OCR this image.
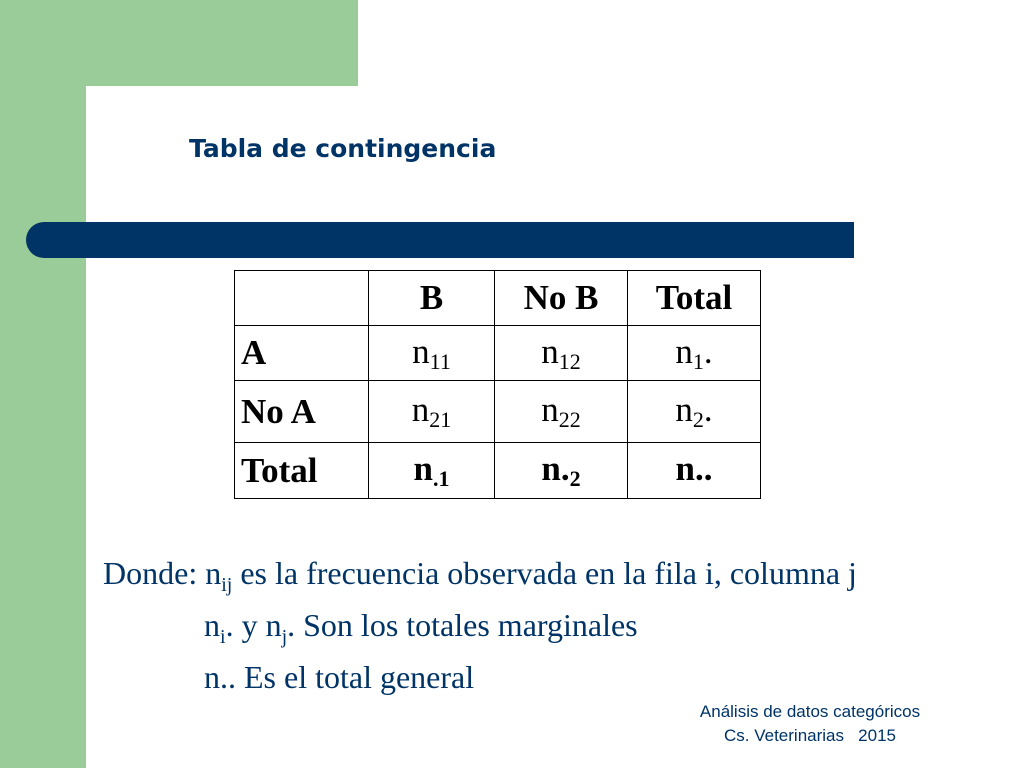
Tabla de contingencia
	B	No B	Total
A	$n_{11}$	$n_{12}$	$n_1$.
No A	$n_{21}$	$n_{22}$	$n_2$.
Total	$n_{.1}$	$n._2$	n..
Donde: $n_{ij}$ es la frecuencia observada en la fila i, columna j
$n_i$. y $n_j$. Son los totales marginales
n.. Es el total general
Análisis de datos categóricos
Cs. Veterinarias   2015
